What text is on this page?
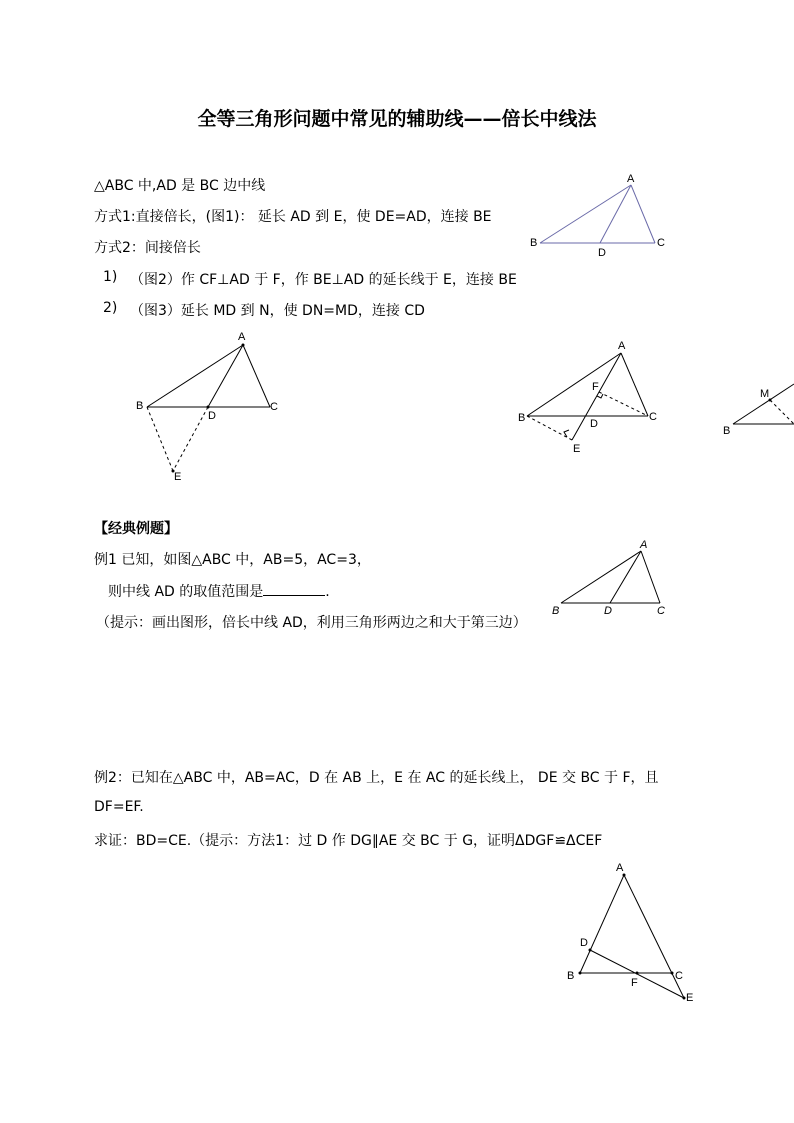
全等三角形问题中常见的辅助线——倍长中线法
△ABC 中,AD 是 BC 边中线
方式1:直接倍长，(图1)： 延长 AD 到 E，使 DE=AD，连接 BE
方式2：间接倍长
1) （图2）作 CF⊥AD 于 F，作 BE⊥AD 的延长线于 E，连接 BE
2) （图3）延长 MD 到 N，使 DN=MD，连接 CD
A
B	C
D
A
B	C
D
E
A
B	C
D
E
F
M
B
A
B	C
D
A
D
B	C
F
E
【经典例题】
例1 已知，如图△ABC 中，AB=5，AC=3，
则中线 AD 的取值范围是	.
（提示：画出图形，倍长中线 AD，利用三角形两边之和大于第三边）
例2：已知在△ABC 中，AB=AC，D 在 AB 上，E 在 AC 的延长线上， DE 交 BC 于 F，且
DF=EF.
求证：BD=CE.（提示：方法1：过 D 作 DG∥AE 交 BC 于 G，证明ΔDGF≌ΔCEF
